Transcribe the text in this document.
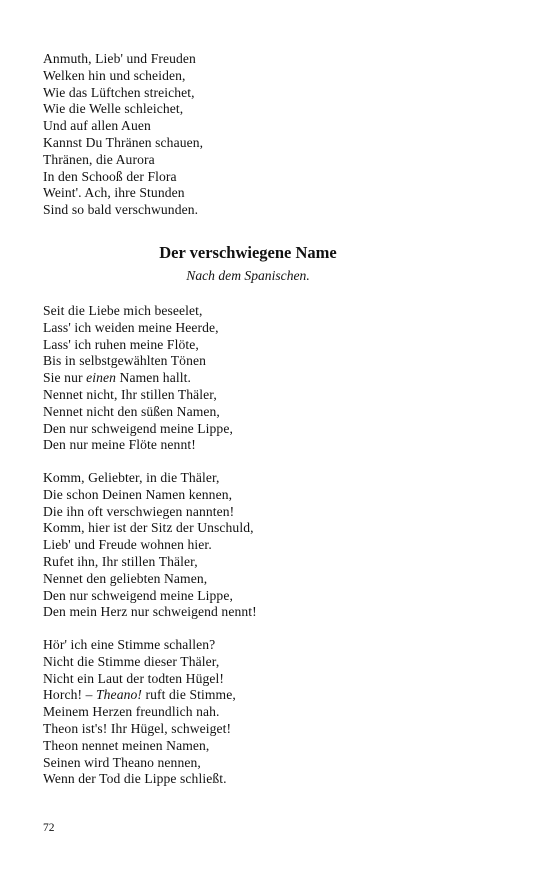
Anmuth, Lieb' und Freuden
Welken hin und scheiden,
Wie das Lüftchen streichet,
Wie die Welle schleichet,
Und auf allen Auen
Kannst Du Thränen schauen,
Thränen, die Aurora
In den Schooß der Flora
Weint'. Ach, ihre Stunden
Sind so bald verschwunden.
Der verschwiegene Name

Nach dem Spanischen.

Seit die Liebe mich beseelet,
Lass' ich weiden meine Heerde,
Lass' ich ruhen meine Flöte,
Bis in selbstgewählten Tönen
Sie nur einen Namen hallt.
Nennet nicht, Ihr stillen Thäler,
Nennet nicht den süßen Namen,
Den nur schweigend meine Lippe,
Den nur meine Flöte nennt!
Komm, Geliebter, in die Thäler,
Die schon Deinen Namen kennen,
Die ihn oft verschwiegen nannten!
Komm, hier ist der Sitz der Unschuld,
Lieb' und Freude wohnen hier.
Rufet ihn, Ihr stillen Thäler,
Nennet den geliebten Namen,
Den nur schweigend meine Lippe,
Den mein Herz nur schweigend nennt!
Hör' ich eine Stimme schallen?
Nicht die Stimme dieser Thäler,
Nicht ein Laut der todten Hügel!
Horch! – Theano! ruft die Stimme,
Meinem Herzen freundlich nah.
Theon ist's! Ihr Hügel, schweiget!
Theon nennet meinen Namen,
Seinen wird Theano nennen,
Wenn der Tod die Lippe schließt.
72
